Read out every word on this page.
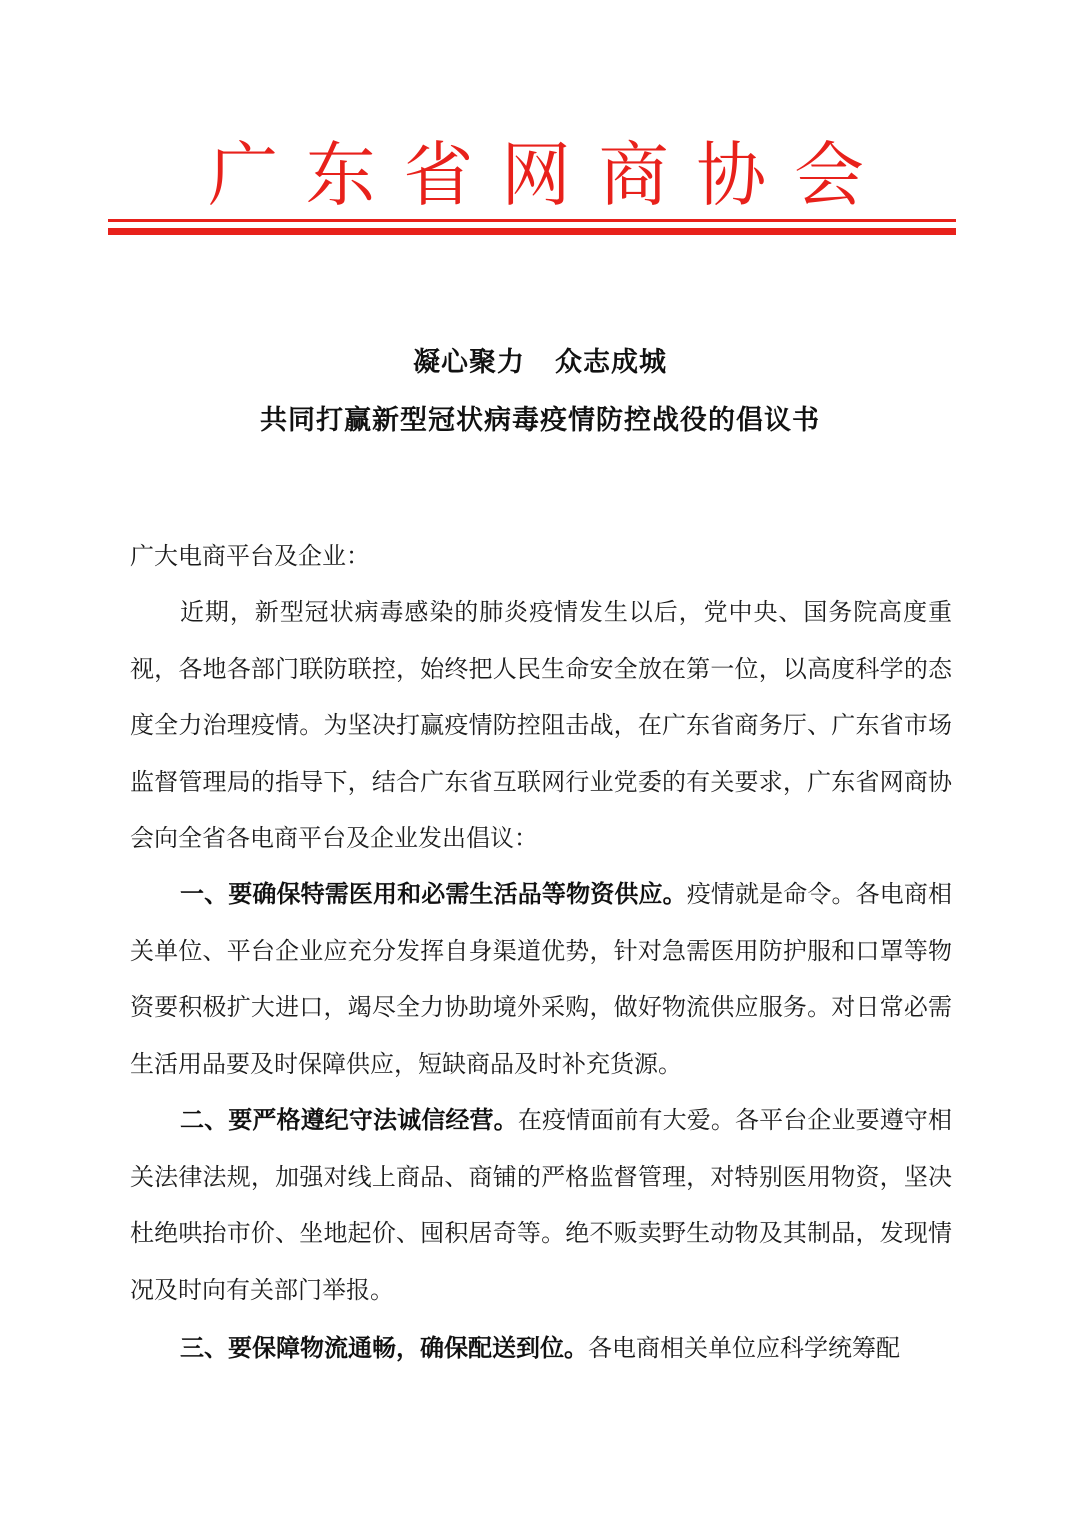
广 东 省 网 商 协 会
凝心聚力 众志成城
共同打赢新型冠状病毒疫情防控战役的倡议书
广大电商平台及企业：

近期，新型冠状病毒感染的肺炎疫情发生以后，党中央、国务院高度重视，各地各部门联防联控，始终把人民生命安全放在第一位，以高度科学的态度全力治理疫情。为坚决打赢疫情防控阻击战，在广东省商务厅、广东省市场监督管理局的指导下，结合广东省互联网行业党委的有关要求，广东省网商协会向全省各电商平台及企业发出倡议：

一、要确保特需医用和必需生活品等物资供应。疫情就是命令。各电商相关单位、平台企业应充分发挥自身渠道优势，针对急需医用防护服和口罩等物资要积极扩大进口，竭尽全力协助境外采购，做好物流供应服务。对日常必需生活用品要及时保障供应，短缺商品及时补充货源。

二、要严格遵纪守法诚信经营。在疫情面前有大爱。各平台企业要遵守相关法律法规，加强对线上商品、商铺的严格监督管理，对特别医用物资，坚决杜绝哄抬市价、坐地起价、囤积居奇等。绝不贩卖野生动物及其制品，发现情况及时向有关部门举报。

三、要保障物流通畅，确保配送到位。各电商相关单位应科学统筹配
